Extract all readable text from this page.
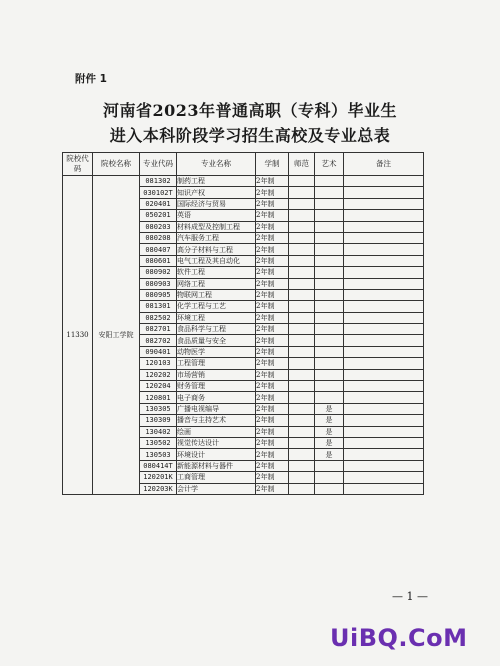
附件 1
河南省2023年普通高职（专科）毕业生
进入本科阶段学习招生高校及专业总表
院校代码	院校名称	专业代码	专业名称	学制	师范	艺术	备注
11330	安阳工学院	081302	制药工程	2年制			
		030102T	知识产权	2年制			
		020401	国际经济与贸易	2年制			
		050201	英语	2年制			
		080203	材料成型及控制工程	2年制			
		080208	汽车服务工程	2年制			
		080407	高分子材料与工程	2年制			
		080601	电气工程及其自动化	2年制			
		080902	软件工程	2年制			
		080903	网络工程	2年制			
		080905	物联网工程	2年制			
		081301	化学工程与工艺	2年制			
		082502	环境工程	2年制			
		082701	食品科学与工程	2年制			
		082702	食品质量与安全	2年制			
		090401	动物医学	2年制			
		120103	工程管理	2年制			
		120202	市场营销	2年制			
		120204	财务管理	2年制			
		120801	电子商务	2年制			
		130305	广播电视编导	2年制		是	
		130309	播音与主持艺术	2年制		是	
		130402	绘画	2年制		是	
		130502	视觉传达设计	2年制		是	
		130503	环境设计	2年制		是	
		080414T	新能源材料与器件	2年制			
		120201K	工商管理	2年制			
		120203K	会计学	2年制			
— 1 —
UiBQ.CoM
